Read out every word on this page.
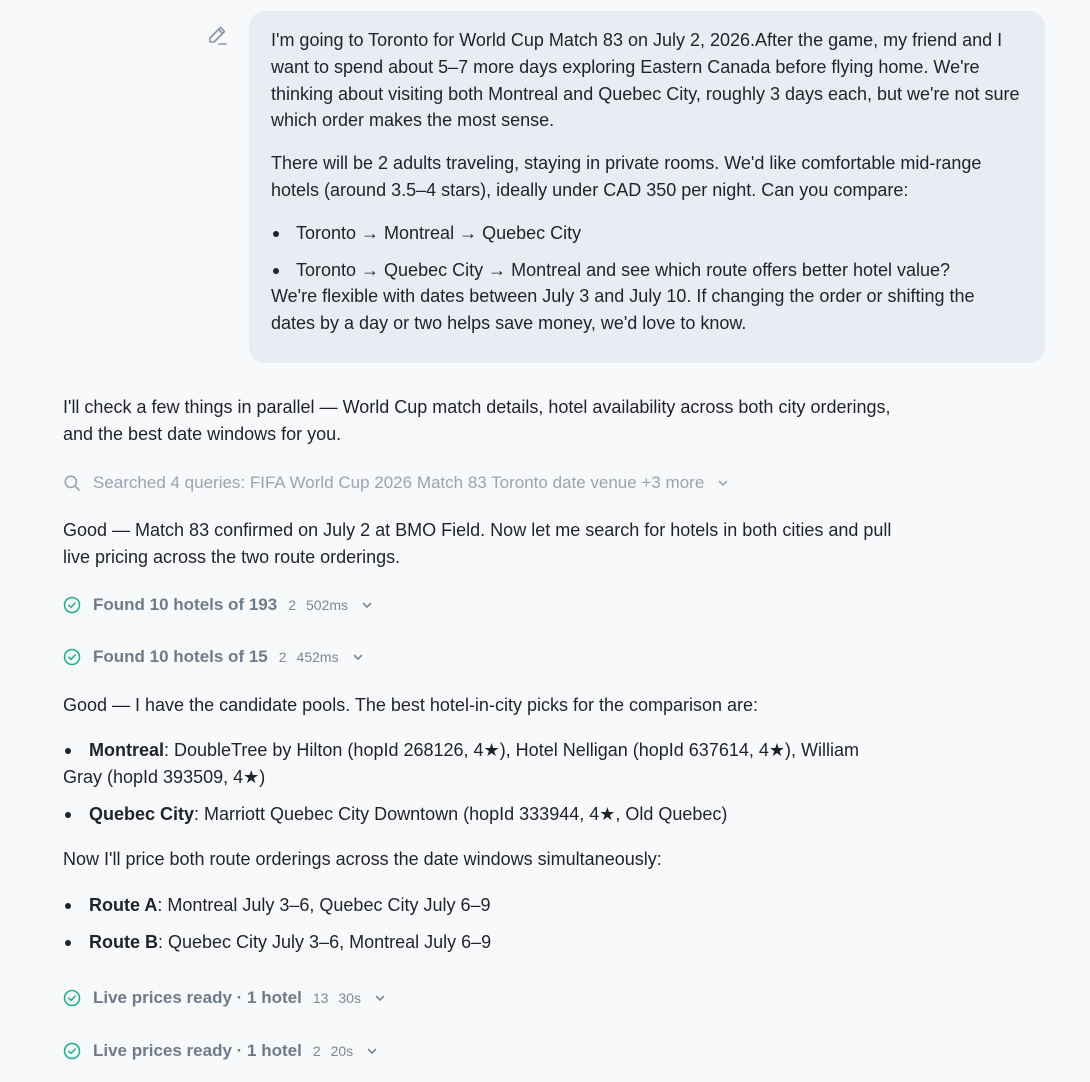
I'm going to Toronto for World Cup Match 83 on July 2, 2026.After the game, my friend and I want to spend about 5–7 more days exploring Eastern Canada before flying home. We're thinking about visiting both Montreal and Quebec City, roughly 3 days each, but we're not sure which order makes the most sense.

There will be 2 adults traveling, staying in private rooms. We'd like comfortable mid-range hotels (around 3.5–4 stars), ideally under CAD 350 per night. Can you compare:

Toronto → Montreal → Quebec City
Toronto → Quebec City → Montreal and see which route offers better hotel value?
We're flexible with dates between July 3 and July 10. If changing the order or shifting the dates by a day or two helps save money, we'd love to know.
I'll check a few things in parallel — World Cup match details, hotel availability across both city orderings, and the best date windows for you.
Searched 4 queries: FIFA World Cup 2026 Match 83 Toronto date venue +3 more
Good — Match 83 confirmed on July 2 at BMO Field. Now let me search for hotels in both cities and pull live pricing across the two route orderings.
Found 10 hotels of 193 2 502ms
Found 10 hotels of 15 2 452ms
Good — I have the candidate pools. The best hotel-in-city picks for the comparison are:
Montreal: DoubleTree by Hilton (hopId 268126, 4★), Hotel Nelligan (hopId 637614, 4★), William
Gray (hopId 393509, 4★)
Quebec City: Marriott Quebec City Downtown (hopId 333944, 4★, Old Quebec)
Now I'll price both route orderings across the date windows simultaneously:
Route A: Montreal July 3–6, Quebec City July 6–9
Route B: Quebec City July 3–6, Montreal July 6–9
Live prices ready · 1 hotel 13 30s
Live prices ready · 1 hotel 2 20s
